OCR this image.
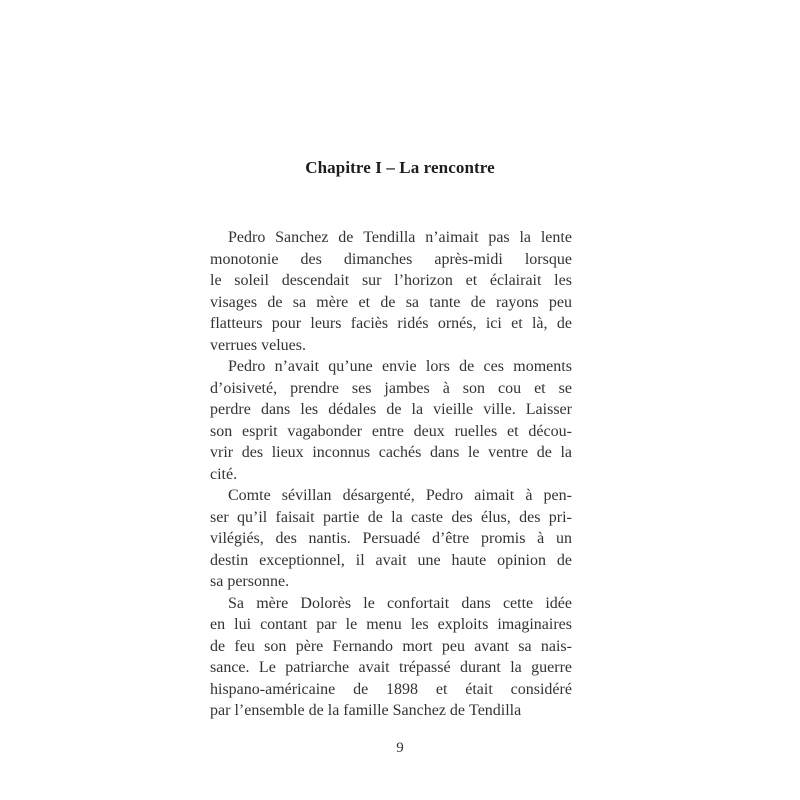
Chapitre I – La rencontre
Pedro Sanchez de Tendilla n’aimait pas la lente
monotonie des dimanches après-midi lorsque
le soleil descendait sur l’horizon et éclairait les
visages de sa mère et de sa tante de rayons peu
flatteurs pour leurs faciès ridés ornés, ici et là, de
verrues velues.
Pedro n’avait qu’une envie lors de ces moments
d’oisiveté, prendre ses jambes à son cou et se
perdre dans les dédales de la vieille ville. Laisser
son esprit vagabonder entre deux ruelles et décou-
vrir des lieux inconnus cachés dans le ventre de la
cité.
Comte sévillan désargenté, Pedro aimait à pen-
ser qu’il faisait partie de la caste des élus, des pri-
vilégiés, des nantis. Persuadé d’être promis à un
destin exceptionnel, il avait une haute opinion de
sa personne.
Sa mère Dolorès le confortait dans cette idée
en lui contant par le menu les exploits imaginaires
de feu son père Fernando mort peu avant sa nais-
sance. Le patriarche avait trépassé durant la guerre
hispano-américaine de 1898 et était considéré
par l’ensemble de la famille Sanchez de Tendilla
9
